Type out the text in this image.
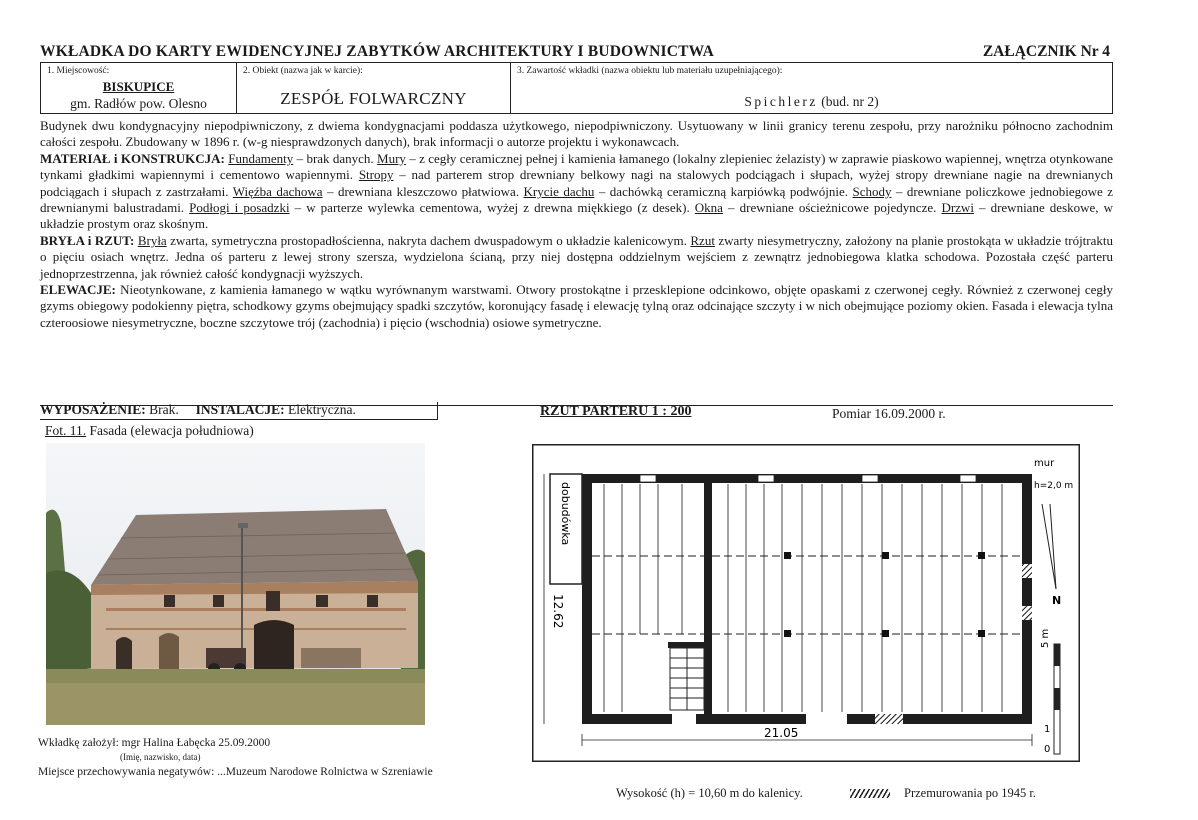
WKŁADKA DO KARTY EWIDENCYJNEJ ZABYTKÓW ARCHITEKTURY I BUDOWNICTWA	ZAŁĄCZNIK Nr 4
1. Miejscowość:
BISKUPICE
gm. Radłów pow. Olesno
2. Obiekt (nazwa jak w karcie):
ZESPÓŁ FOLWARCZNY
3. Zawartość wkładki (nazwa obiektu lub materiału uzupełniającego):
Spichlerz (bud. nr 2)

Budynek dwu kondygnacyjny niepodpiwniczony, z dwiema kondygnacjami poddasza użytkowego, niepodpiwniczony. Usytuowany w linii granicy terenu zespołu, przy narożniku północno zachodnim całości zespołu. Zbudowany w 1896 r. (w-g niesprawdzonych danych), brak informacji o autorze projektu i wykonawcach.

MATERIAŁ i KONSTRUKCJA: Fundamenty – brak danych. Mury – z cegły ceramicznej pełnej i kamienia łamanego (lokalny zlepieniec żelazisty) w zaprawie piaskowo wapiennej, wnętrza otynkowane tynkami gładkimi wapiennymi i cementowo wapiennymi. Stropy – nad parterem strop drewniany belkowy nagi na stalowych podciągach i słupach, wyżej stropy drewniane nagie na drewnianych podciągach i słupach z zastrzałami. Więźba dachowa – drewniana kleszczowo płatwiowa. Krycie dachu – dachówką ceramiczną karpiówką podwójnie. Schody – drewniane policzkowe jednobiegowe z drewnianymi balustradami. Podłogi i posadzki – w parterze wylewka cementowa, wyżej z drewna miękkiego (z desek). Okna – drewniane ościeżnicowe pojedyncze. Drzwi – drewniane deskowe, w układzie prostym oraz skośnym.

BRYŁA i RZUT: Bryła zwarta, symetryczna prostopadłościenna, nakryta dachem dwuspadowym o układzie kalenicowym. Rzut zwarty niesymetryczny, założony na planie prostokąta w układzie trójtraktu o pięciu osiach wnętrz. Jedna oś parteru z lewej strony szersza, wydzielona ścianą, przy niej dostępna oddzielnym wejściem z zewnątrz jednobiegowa klatka schodowa. Pozostała część parteru jednoprzestrzenna, jak również całość kondygnacji wyższych.

ELEWACJE: Nieotynkowane, z kamienia łamanego w wątku wyrównanym warstwami. Otwory prostokątne i przesklepione odcinkowo, objęte opaskami z czerwonej cegły. Również z czerwonej cegły gzyms obiegowy podokienny piętra, schodkowy gzyms obejmujący spadki szczytów, koronujący fasadę i elewację tylną oraz odcinające szczyty i w nich obejmujące poziomy okien. Fasada i elewacja tylna czteroosiowe niesymetryczne, boczne szczytowe trój (zachodnia) i pięcio (wschodnia) osiowe symetryczne.

WYPOSAŻENIE: Brak. INSTALACJE: Elektryczna.	RZUT PARTERU 1 : 200	Pomiar 16.09.2000 r.
Fot. 11. Fasada (elewacja południowa)
dobudówka
12.62
21.05
mur
h=2,0 m
N
5 m
1
0
Wkładkę założył: mgr Halina Łabęcka 25.09.2000
(Imię, nazwisko, data)
Miejsce przechowywania negatywów: ...Muzeum Narodowe Rolnictwa w Szreniawie
Wysokość (h) = 10,60 m do kalenicy.	Przemurowania po 1945 r.
